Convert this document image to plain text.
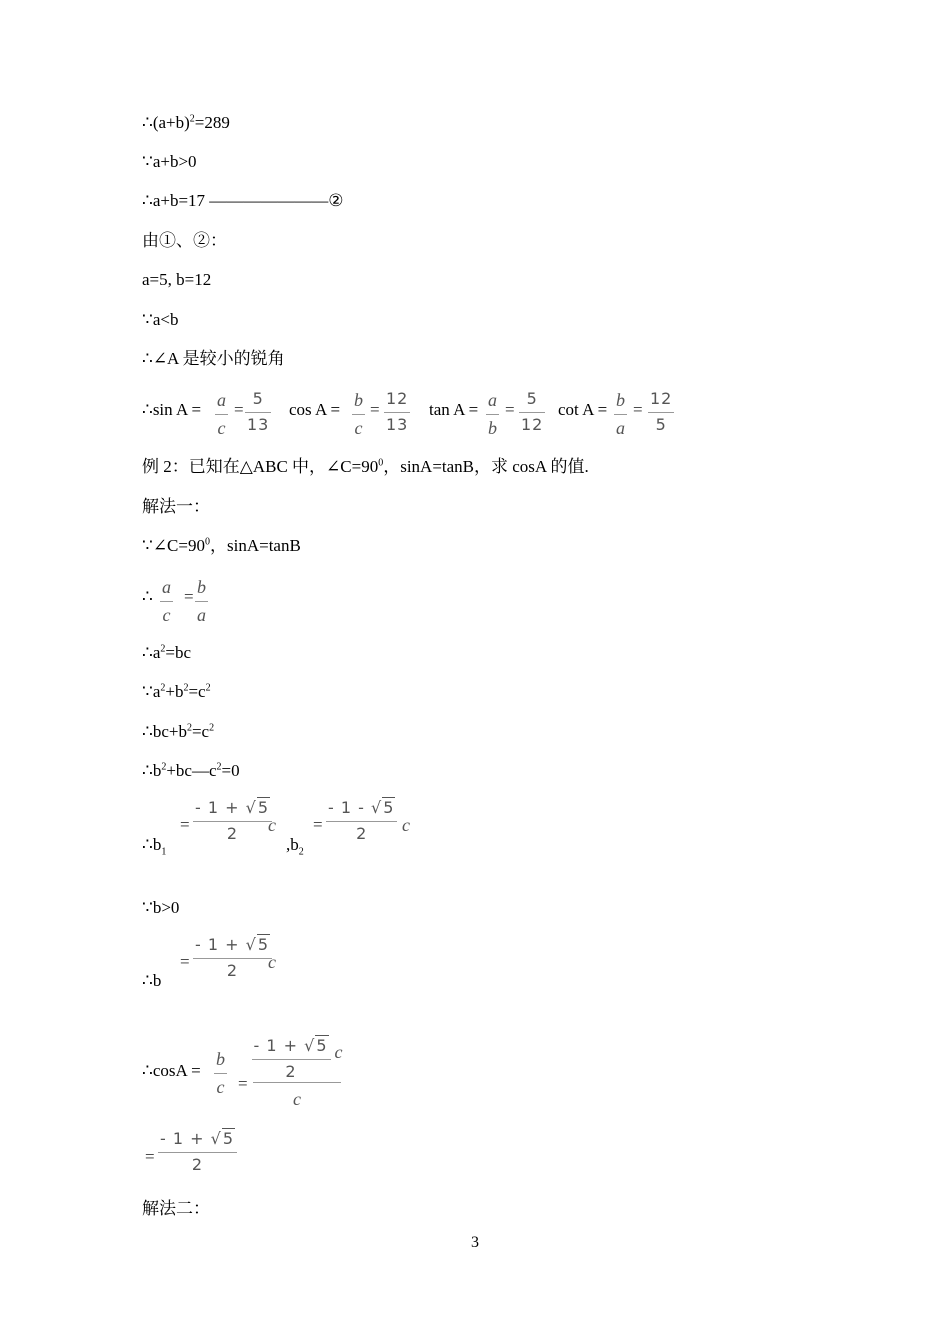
$\therefore(a+b)^2=289$
∵a+b>0
∴a+b=17 ———————②
由①、②：
a=5, b=12
∵a<b
∴∠A 是较小的锐角
∴sin A = a
c
=
5
13
cos A = b
c
=
12
13
tan A = a
b
=
5
12
cot A = b
a
=
12
5
例 2：已知在△ABC 中，$\angle C=90^0$，sinA=tanB，求 cosA 的值.
解法一：
$\because\angle C=90^0$，sinA=tanB
∴ a
c
= b
a
$\therefore a^2=bc$
$\because a^2+b^2=c^2$
$\therefore bc+b^2=c^2$
$\therefore b^2+bc—c^2=0$
$\therefore b_1$
=
- 1 + √5
2 c
$,b_2$
=
- 1 - √5
2 c
∵b>0
∴b
=
- 1 + √5
2 c
∴cosA =
b
c =
$\frac{- 1 + √5}{2}$ c
c
=
- 1 + √5
2
解法二：
3
